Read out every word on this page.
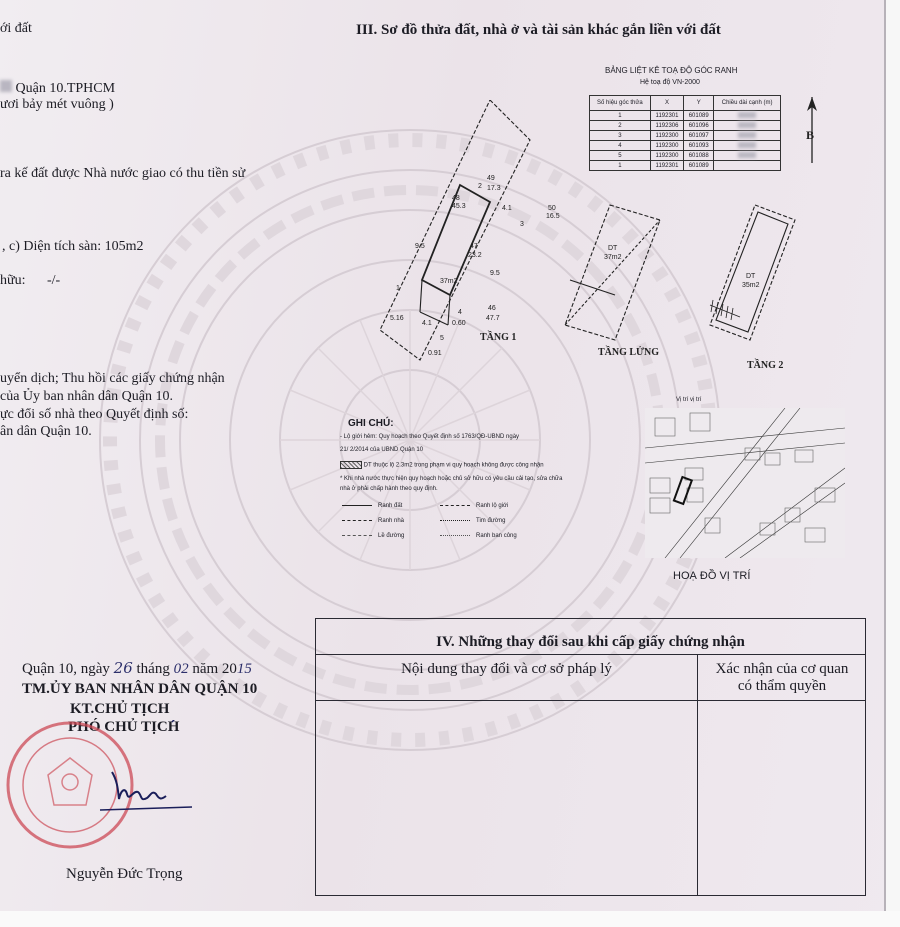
ới đất
Quận 10.TPHCM
ươi bảy mét vuông )
ra kế đất được Nhà nước giao có thu tiền sử
, c) Diện tích sàn: 105m2
hữu: -/-
uyển dịch; Thu hồi các giấy chứng nhận
của Ủy ban nhân dân Quận 10.
ực đổi số nhà theo Quyết định số:
ân dân Quận 10.
Quận 10, ngày 26 tháng 02 năm 2015
TM.ỦY BAN NHÂN DÂN QUẬN 10
KT.CHỦ TỊCH
PHÓ CHỦ TỊCH
Nguyễn Đức Trọng
III. Sơ đồ thửa đất, nhà ở và tài sản khác gắn liền với đất
BẢNG LIỆT KÊ TOẠ ĐỘ GÓC RANH
Hệ toạ độ VN-2000
Số hiệu góc thửa	X	Y	Chiều dài cạnh (m)
1	1192301	601089	
2	1192306	601096	
3	1192300	601097	
4	1192300	601093	
5	1192300	601088	
1	1192301	601089	
B
48
45.3
2
49
17.3
3
50
16.5
47
23.2
37m2
4
46
47.7
1
5
9.5
9.5
4.1
4.1
5.16
0.91
0.60
DT
37m2
DT
35m2
TẦNG 1
TẦNG LỬNG
TẦNG 2
GHI CHÚ:
- Lộ giới hẻm: Quy hoạch theo Quyết định số 1763/QĐ-UBND ngày
21/ 2/2014 của UBND Quận 10
DT thuộc lộ 2.3m2 trong phạm vi quy hoạch không được công nhận
* Khi nhà nước thực hiện quy hoạch hoặc chủ sở hữu có yêu cầu cải tạo, sửa chữa
nhà ở phải chấp hành theo quy định.
Ranh đất	Ranh lộ giới
Ranh nhà	Tim đường
Lề đường	Ranh ban công
Vị trí vị trí
HOẠ ĐỒ VỊ TRÍ
IV. Những thay đổi sau khi cấp giấy chứng nhận
Nội dung thay đổi và cơ sở pháp lý	Xác nhận của cơ quan
có thẩm quyền
